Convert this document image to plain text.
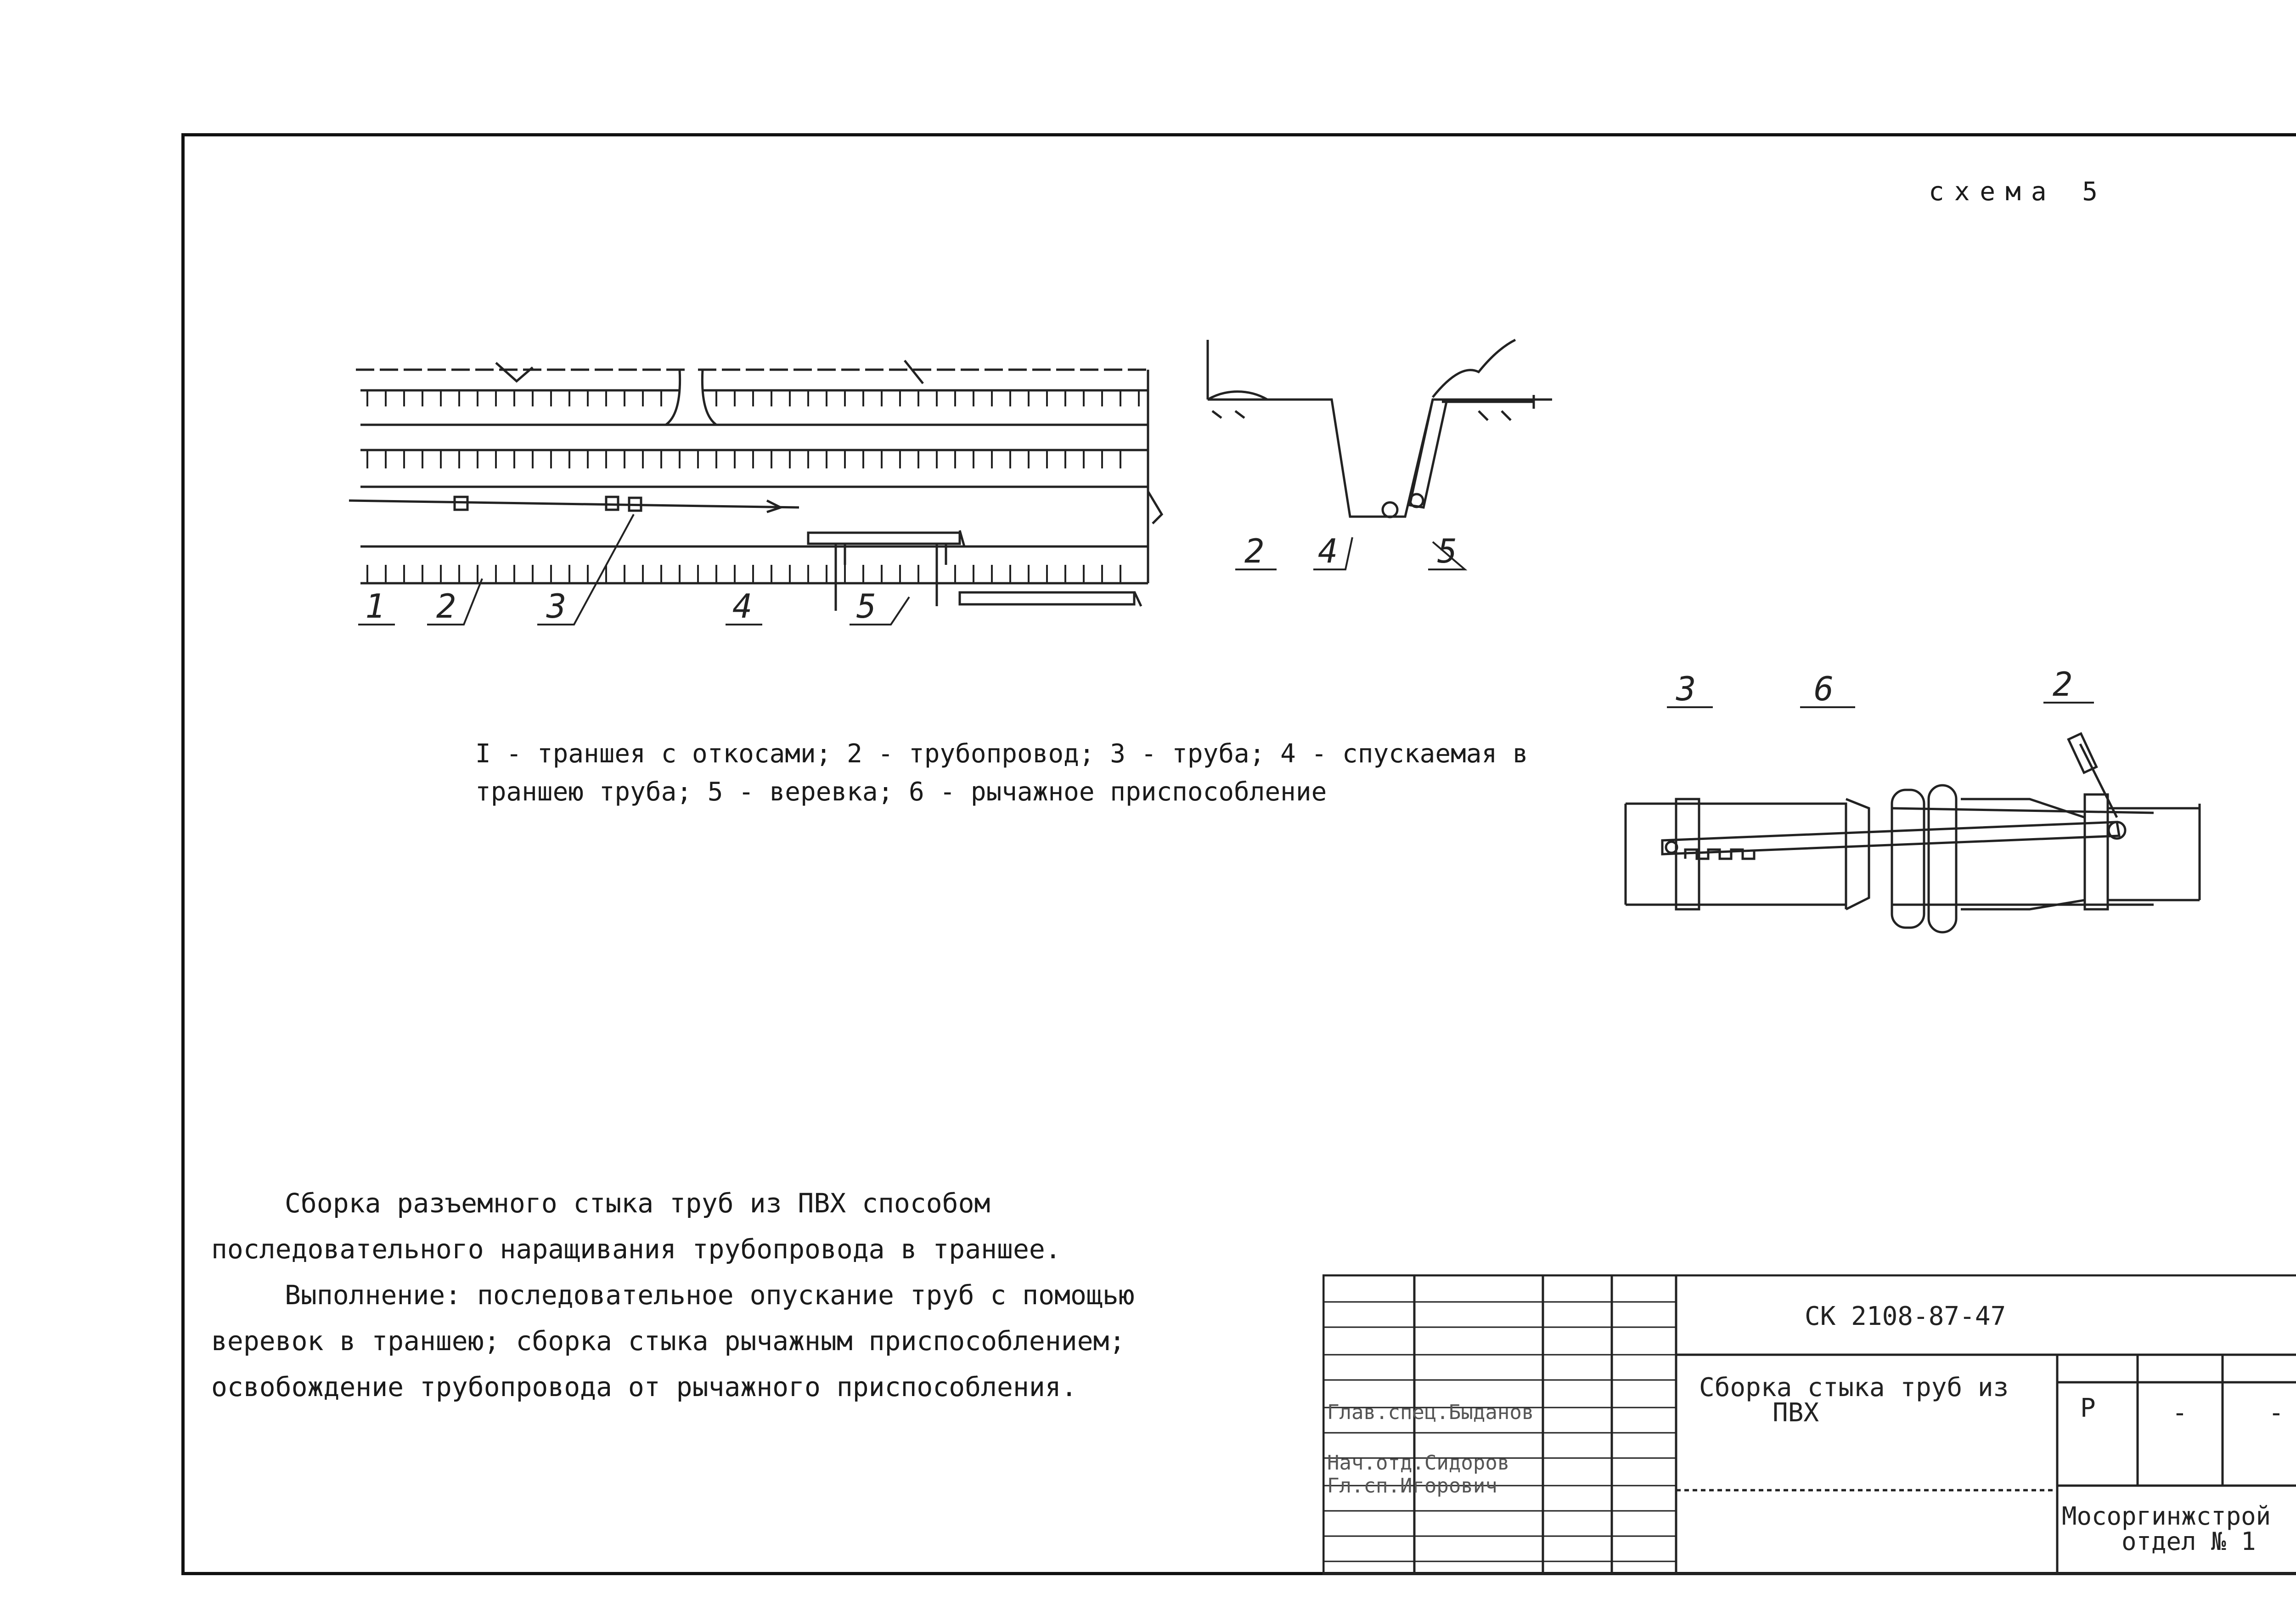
схема 5
1 2	3	4	5
2 4	5
3	6	2
I - траншея с откосами; 2 - трубопровод; 3 - труба; 4 - спускаемая в траншею труба; 5 - веревка; 6 - рычажное приспособление

Сборка разъемного стыка труб из ПВХ способом последовательного наращивания трубопровода в траншее.

Выполнение: последовательное опускание труб с помощью веревок в траншею; сборка стыка рычажным приспособлением; освобождение трубопровода от рычажного приспособления.

СК 2108-87-47
Сборка стыка труб из ПВХ	Р	-	-
Мосоргинжстрой
отдел № 1
Глав.спец.Быданов
Нач.отд.Сидоров
Гл.сп.Игорович
